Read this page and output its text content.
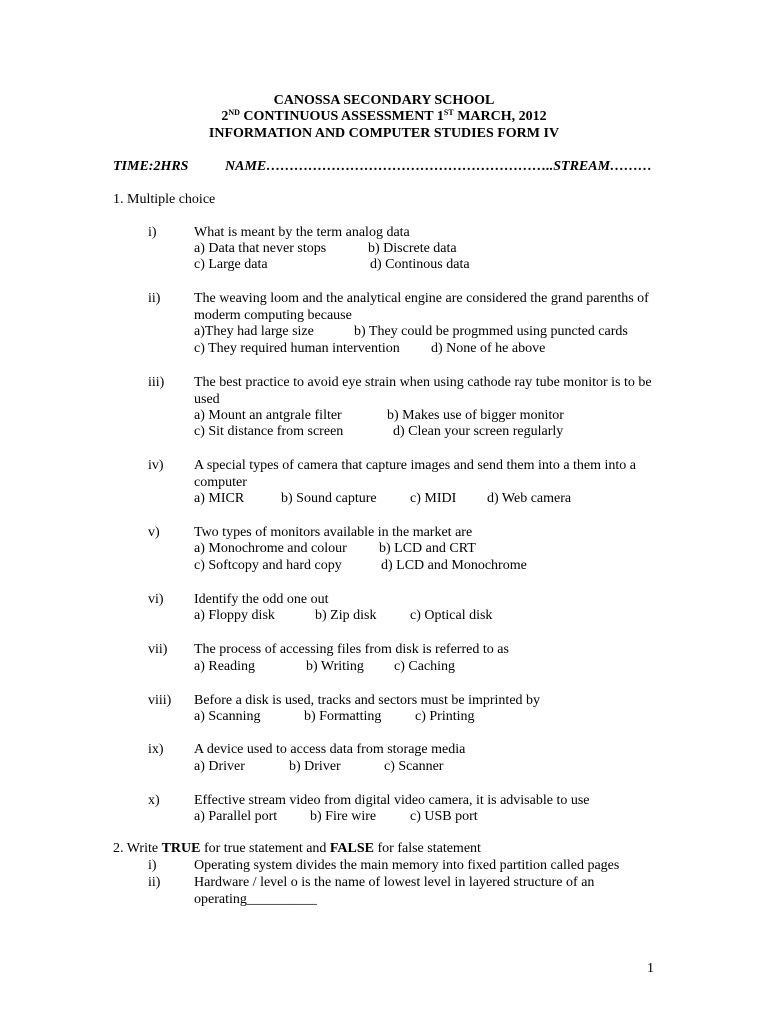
CANOSSA SECONDARY SCHOOL
2ND CONTINUOUS ASSESSMENT 1ST MARCH, 2012
INFORMATION AND COMPUTER STUDIES FORM IV
TIME:2HRS	NAME……………………………………………………..STREAM………
1. Multiple choice
i)	What is meant by the term analog data
a) Data that never stops	b) Discrete data
c) Large data	d) Continous data
ii) The weaving loom and the analytical engine are considered the grand parenths of moderm computing because
a)They had large size	b) They could be progmmed using puncted cards
c) They required human intervention d) None of he above
iii) The best practice to avoid eye strain when using cathode ray tube monitor is to be used
a) Mount an antgrale filter	b) Makes use of bigger monitor
c) Sit distance from screen	d) Clean your screen regularly
iv) A special types of camera that capture images and send them into a them into a computer
a) MICR	b) Sound capture c) MIDI d) Web camera
v) Two types of monitors available in the market are
a) Monochrome and colour b) LCD and CRT
c) Softcopy and hard copy	d) LCD and Monochrome
vi) Identify the odd one out
a) Floppy disk	b) Zip disk c) Optical disk
vii) The process of accessing files from disk is referred to as
a) Reading	b) Writing c) Caching
viii) Before a disk is used, tracks and sectors must be imprinted by
a) Scanning	b) Formatting c) Printing
ix) A device used to access data from storage media
a) Driver	b) Driver	c) Scanner
x) Effective stream video from digital video camera, it is advisable to use
a) Parallel port b) Fire wire c) USB port
2. Write TRUE for true statement and FALSE for false statement
i)	Operating system divides the main memory into fixed partition called pages
ii) Hardware / level o is the name of lowest level in layered structure of an operating__________
1
